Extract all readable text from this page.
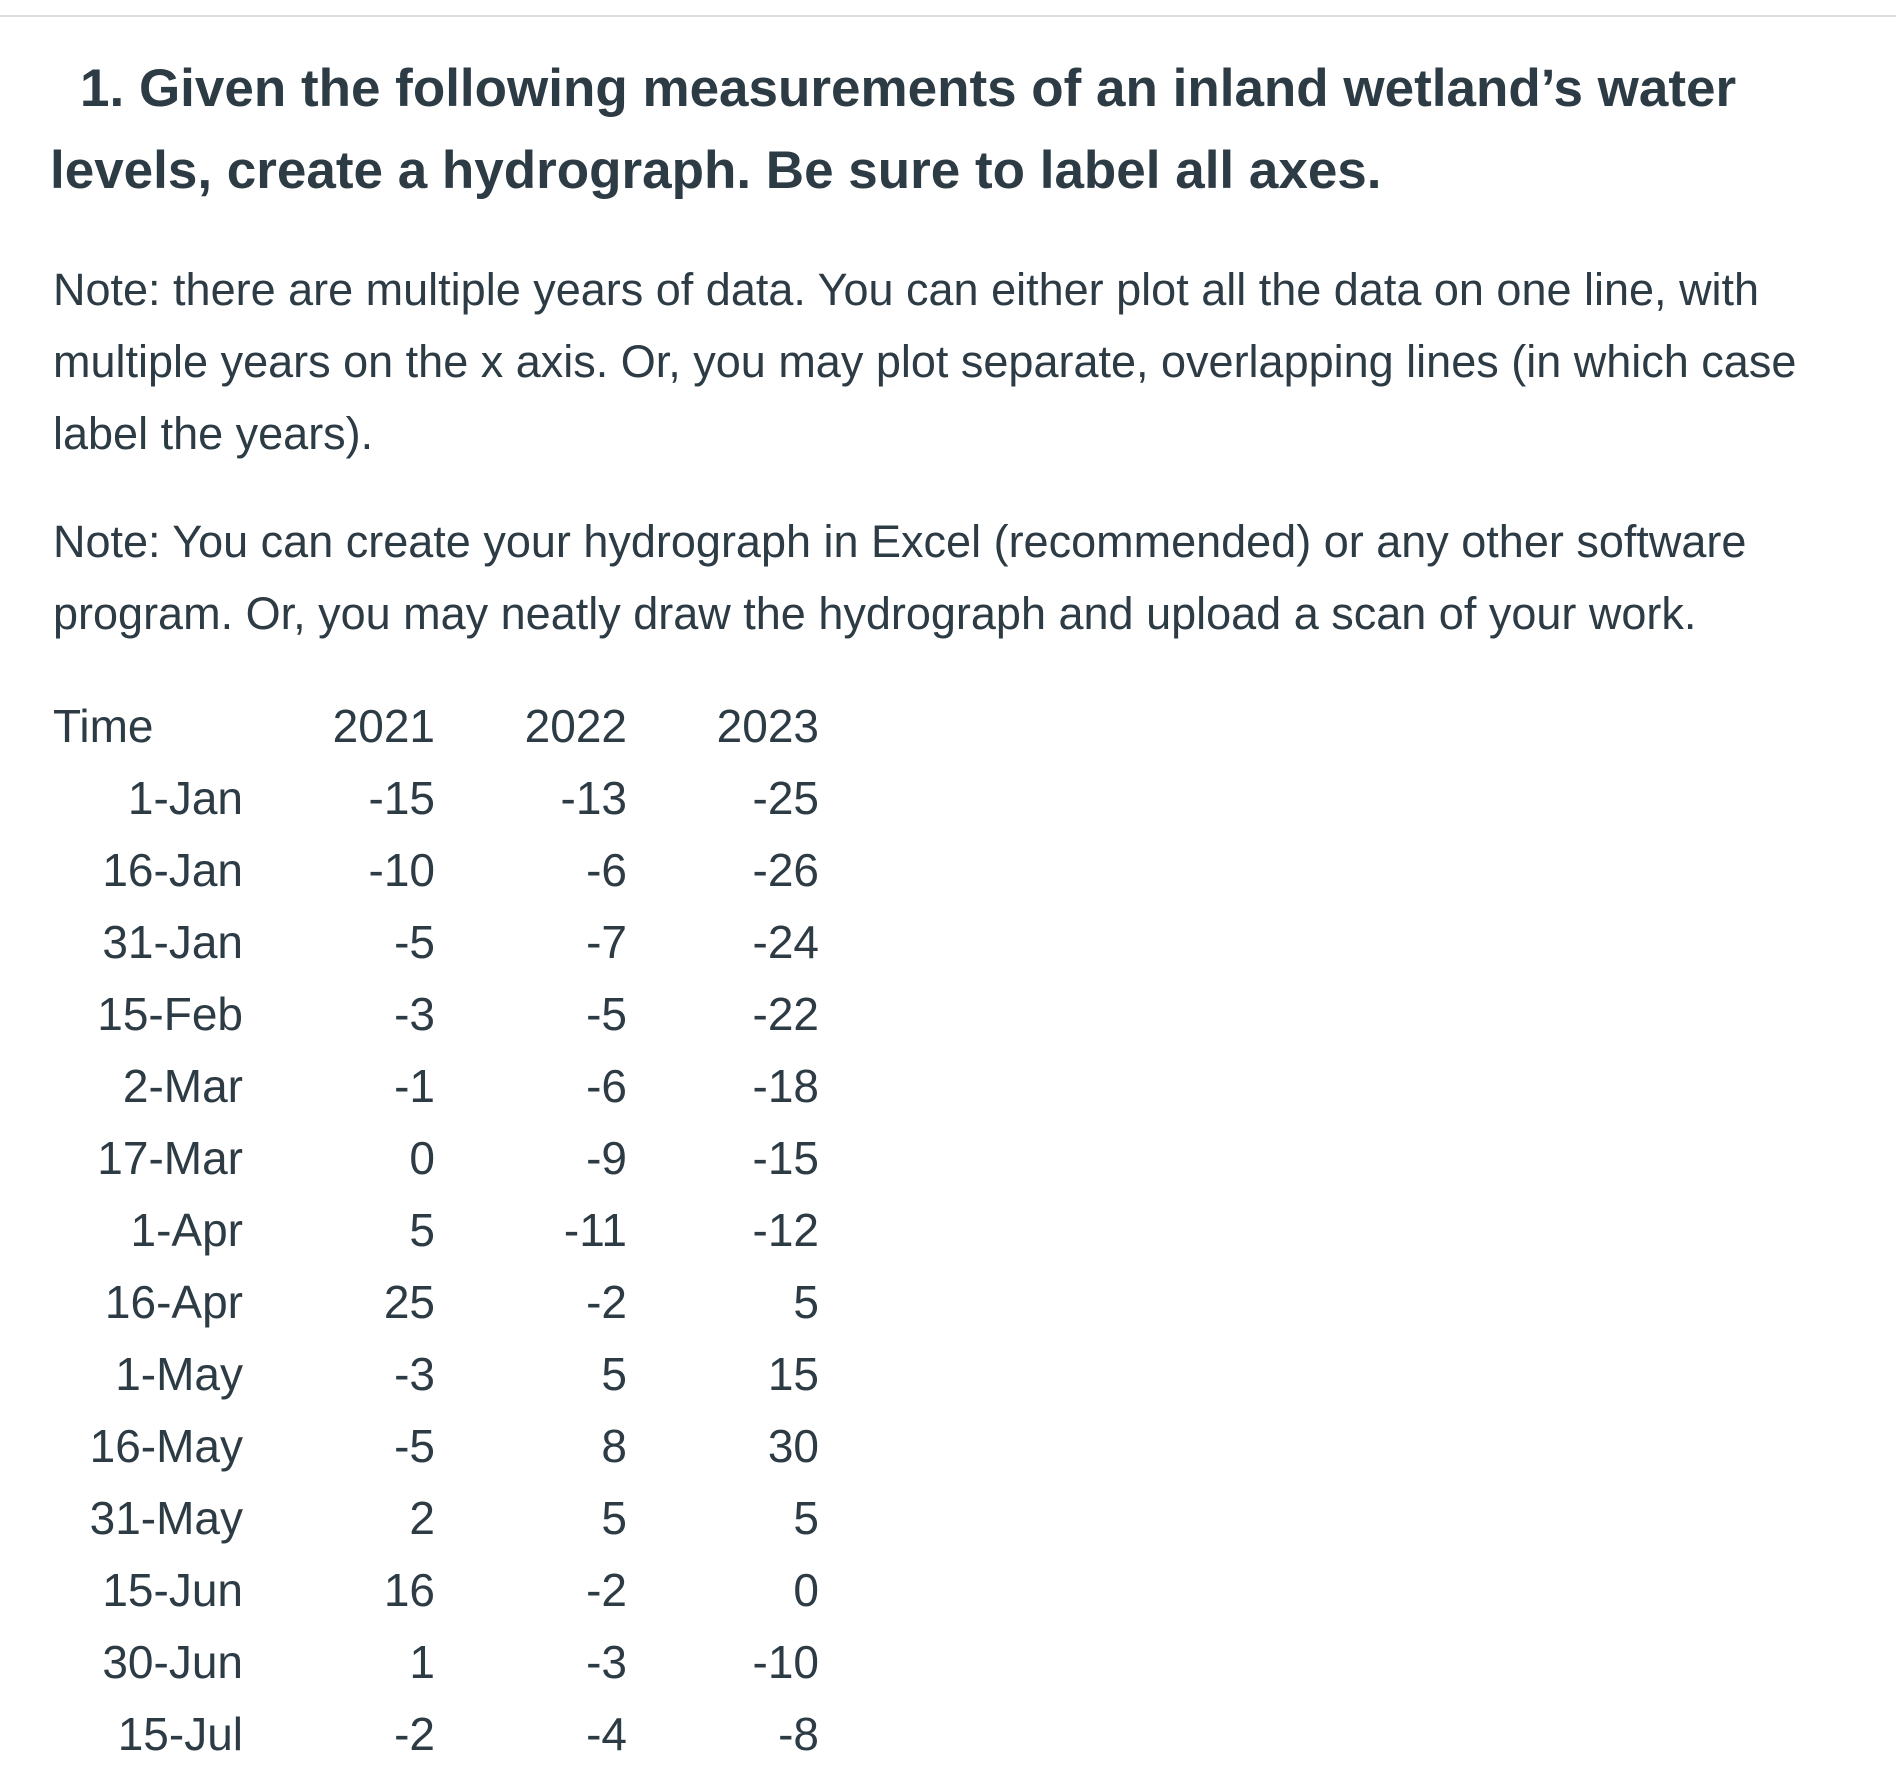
1. Given the following measurements of an inland wetland’s water
levels, create a hydrograph. Be sure to label all axes.

Note: there are multiple years of data. You can either plot all the data on one line, with multiple years on the x axis. Or, you may plot separate, overlapping lines (in which case label the years).

Note: You can create your hydrograph in Excel (recommended) or any other software program. Or, you may neatly draw the hydrograph and upload a scan of your work.

Time	2021	2022	2023
1-Jan	-15	-13	-25
16-Jan	-10	-6	-26
31-Jan	-5	-7	-24
15-Feb	-3	-5	-22
2-Mar	-1	-6	-18
17-Mar	0	-9	-15
1-Apr	5	-11	-12
16-Apr	25	-2	5
1-May	-3	5	15
16-May	-5	8	30
31-May	2	5	5
15-Jun	16	-2	0
30-Jun	1	-3	-10
15-Jul	-2	-4	-8
